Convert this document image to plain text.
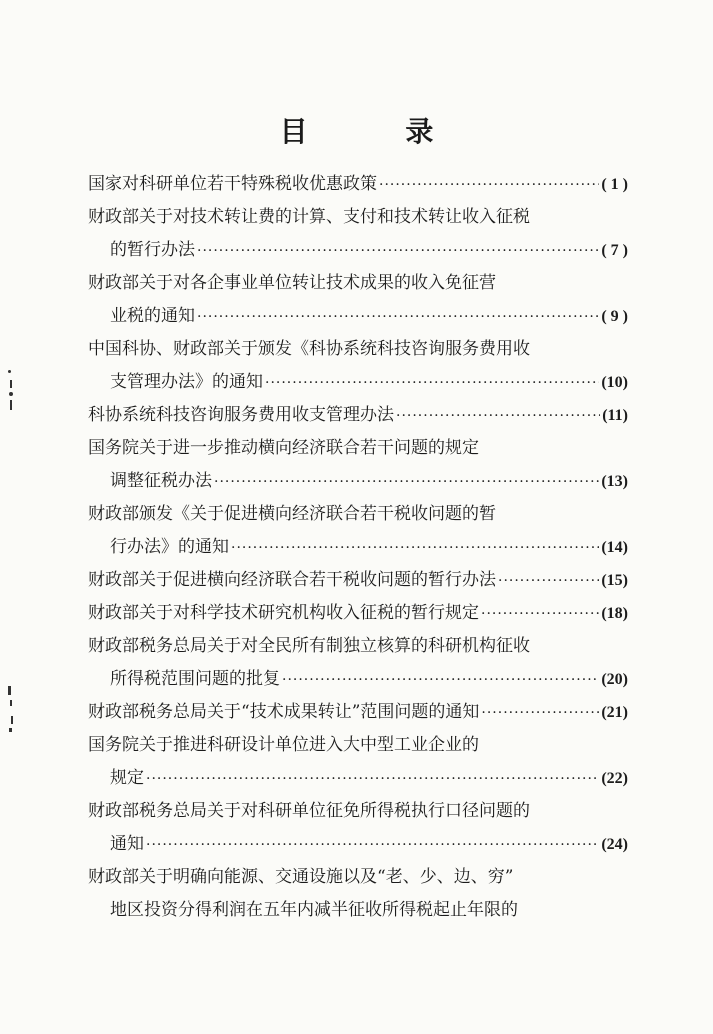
目 录
国家对科研单位若干特殊税收优惠政策 ·····	( 1 )
财政部关于对技术转让费的计算、支付和技术转让收入征税
的暂行办法 ·····	( 7 )
财政部关于对各企事业单位转让技术成果的收入免征营
业税的通知 ·····	( 9 )
中国科协、财政部关于颁发《科协系统科技咨询服务费用收
支管理办法》的通知 ·····	(10)
科协系统科技咨询服务费用收支管理办法 ·····	(11)
国务院关于进一步推动横向经济联合若干问题的规定
调整征税办法 ·····	(13)
财政部颁发《关于促进横向经济联合若干税收问题的暂
行办法》的通知 ·····	(14)
财政部关于促进横向经济联合若干税收问题的暂行办法 ·····	(15)
财政部关于对科学技术研究机构收入征税的暂行规定 ·····	(18)
财政部税务总局关于对全民所有制独立核算的科研机构征收
所得税范围问题的批复 ·····	(20)
财政部税务总局关于“技术成果转让”范围问题的通知 ·····	(21)
国务院关于推进科研设计单位进入大中型工业企业的
规定 ·····	(22)
财政部税务总局关于对科研单位征免所得税执行口径问题的
通知 ·····	(24)
财政部关于明确向能源、交通设施以及“老、少、边、穷”
地区投资分得利润在五年内减半征收所得税起止年限的
